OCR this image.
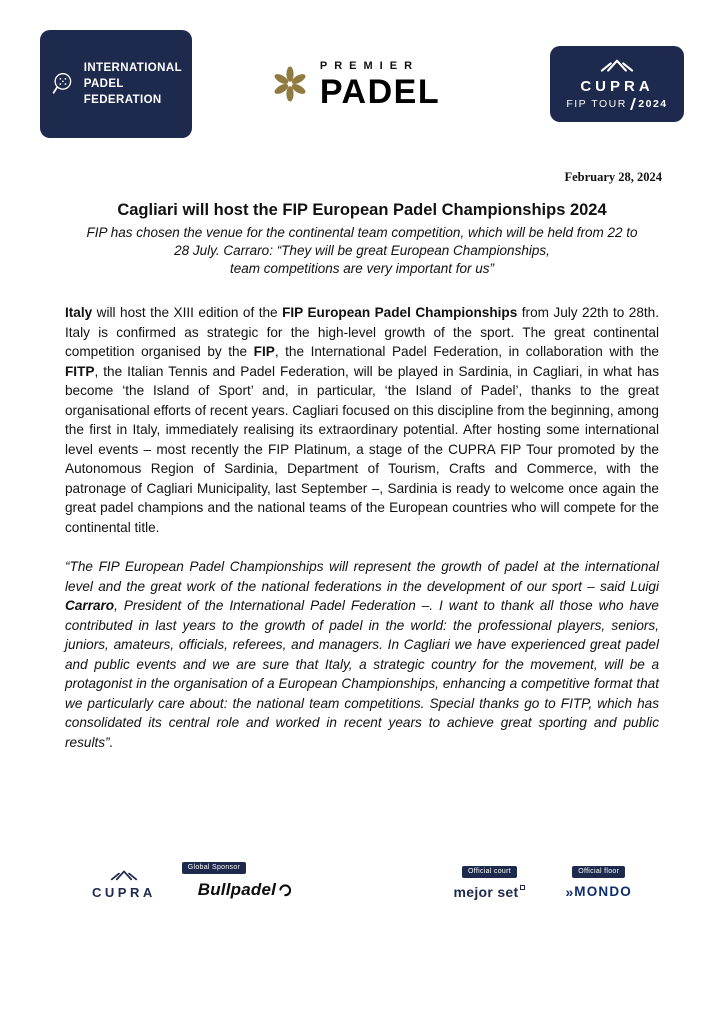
INTERNATIONAL
PADEL
FEDERATION
PREMIER
PADEL	CUPRA
FIP TOUR 2024
February 28, 2024
Cagliari will host the FIP European Padel Championships 2024
FIP has chosen the venue for the continental team competition, which will be held from 22 to
28 July. Carraro: “They will be great European Championships,
team competitions are very important for us”

Italy will host the XIII edition of the FIP European Padel Championships from July 22th to 28th. Italy is confirmed as strategic for the high-level growth of the sport. The great continental competition organised by the FIP, the International Padel Federation, in collaboration with the FITP, the Italian Tennis and Padel Federation, will be played in Sardinia, in Cagliari, in what has become ‘the Island of Sport’ and, in particular, ‘the Island of Padel’, thanks to the great organisational efforts of recent years. Cagliari focused on this discipline from the beginning, among the first in Italy, immediately realising its extraordinary potential. After hosting some international level events – most recently the FIP Platinum, a stage of the CUPRA FIP Tour promoted by the Autonomous Region of Sardinia, Department of Tourism, Crafts and Commerce, with the patronage of Cagliari Municipality, last September –, Sardinia is ready to welcome once again the great padel champions and the national teams of the European countries who will compete for the continental title.

“The FIP European Padel Championships will represent the growth of padel at the international level and the great work of the national federations in the development of our sport – said Luigi Carraro, President of the International Padel Federation –. I want to thank all those who have contributed in last years to the growth of padel in the world: the professional players, seniors, juniors, amateurs, officials, referees, and managers. In Cagliari we have experienced great padel and public events and we are sure that Italy, a strategic country for the movement, will be a protagonist in the organisation of a European Championships, enhancing a competitive format that we particularly care about: the national team competitions. Special thanks go to FITP, which has consolidated its central role and worked in recent years to achieve great sporting and public results”.

CUPRA
Global Sponsor
Bullpadel
Official court
mejor set
Official floor
» MONDO
